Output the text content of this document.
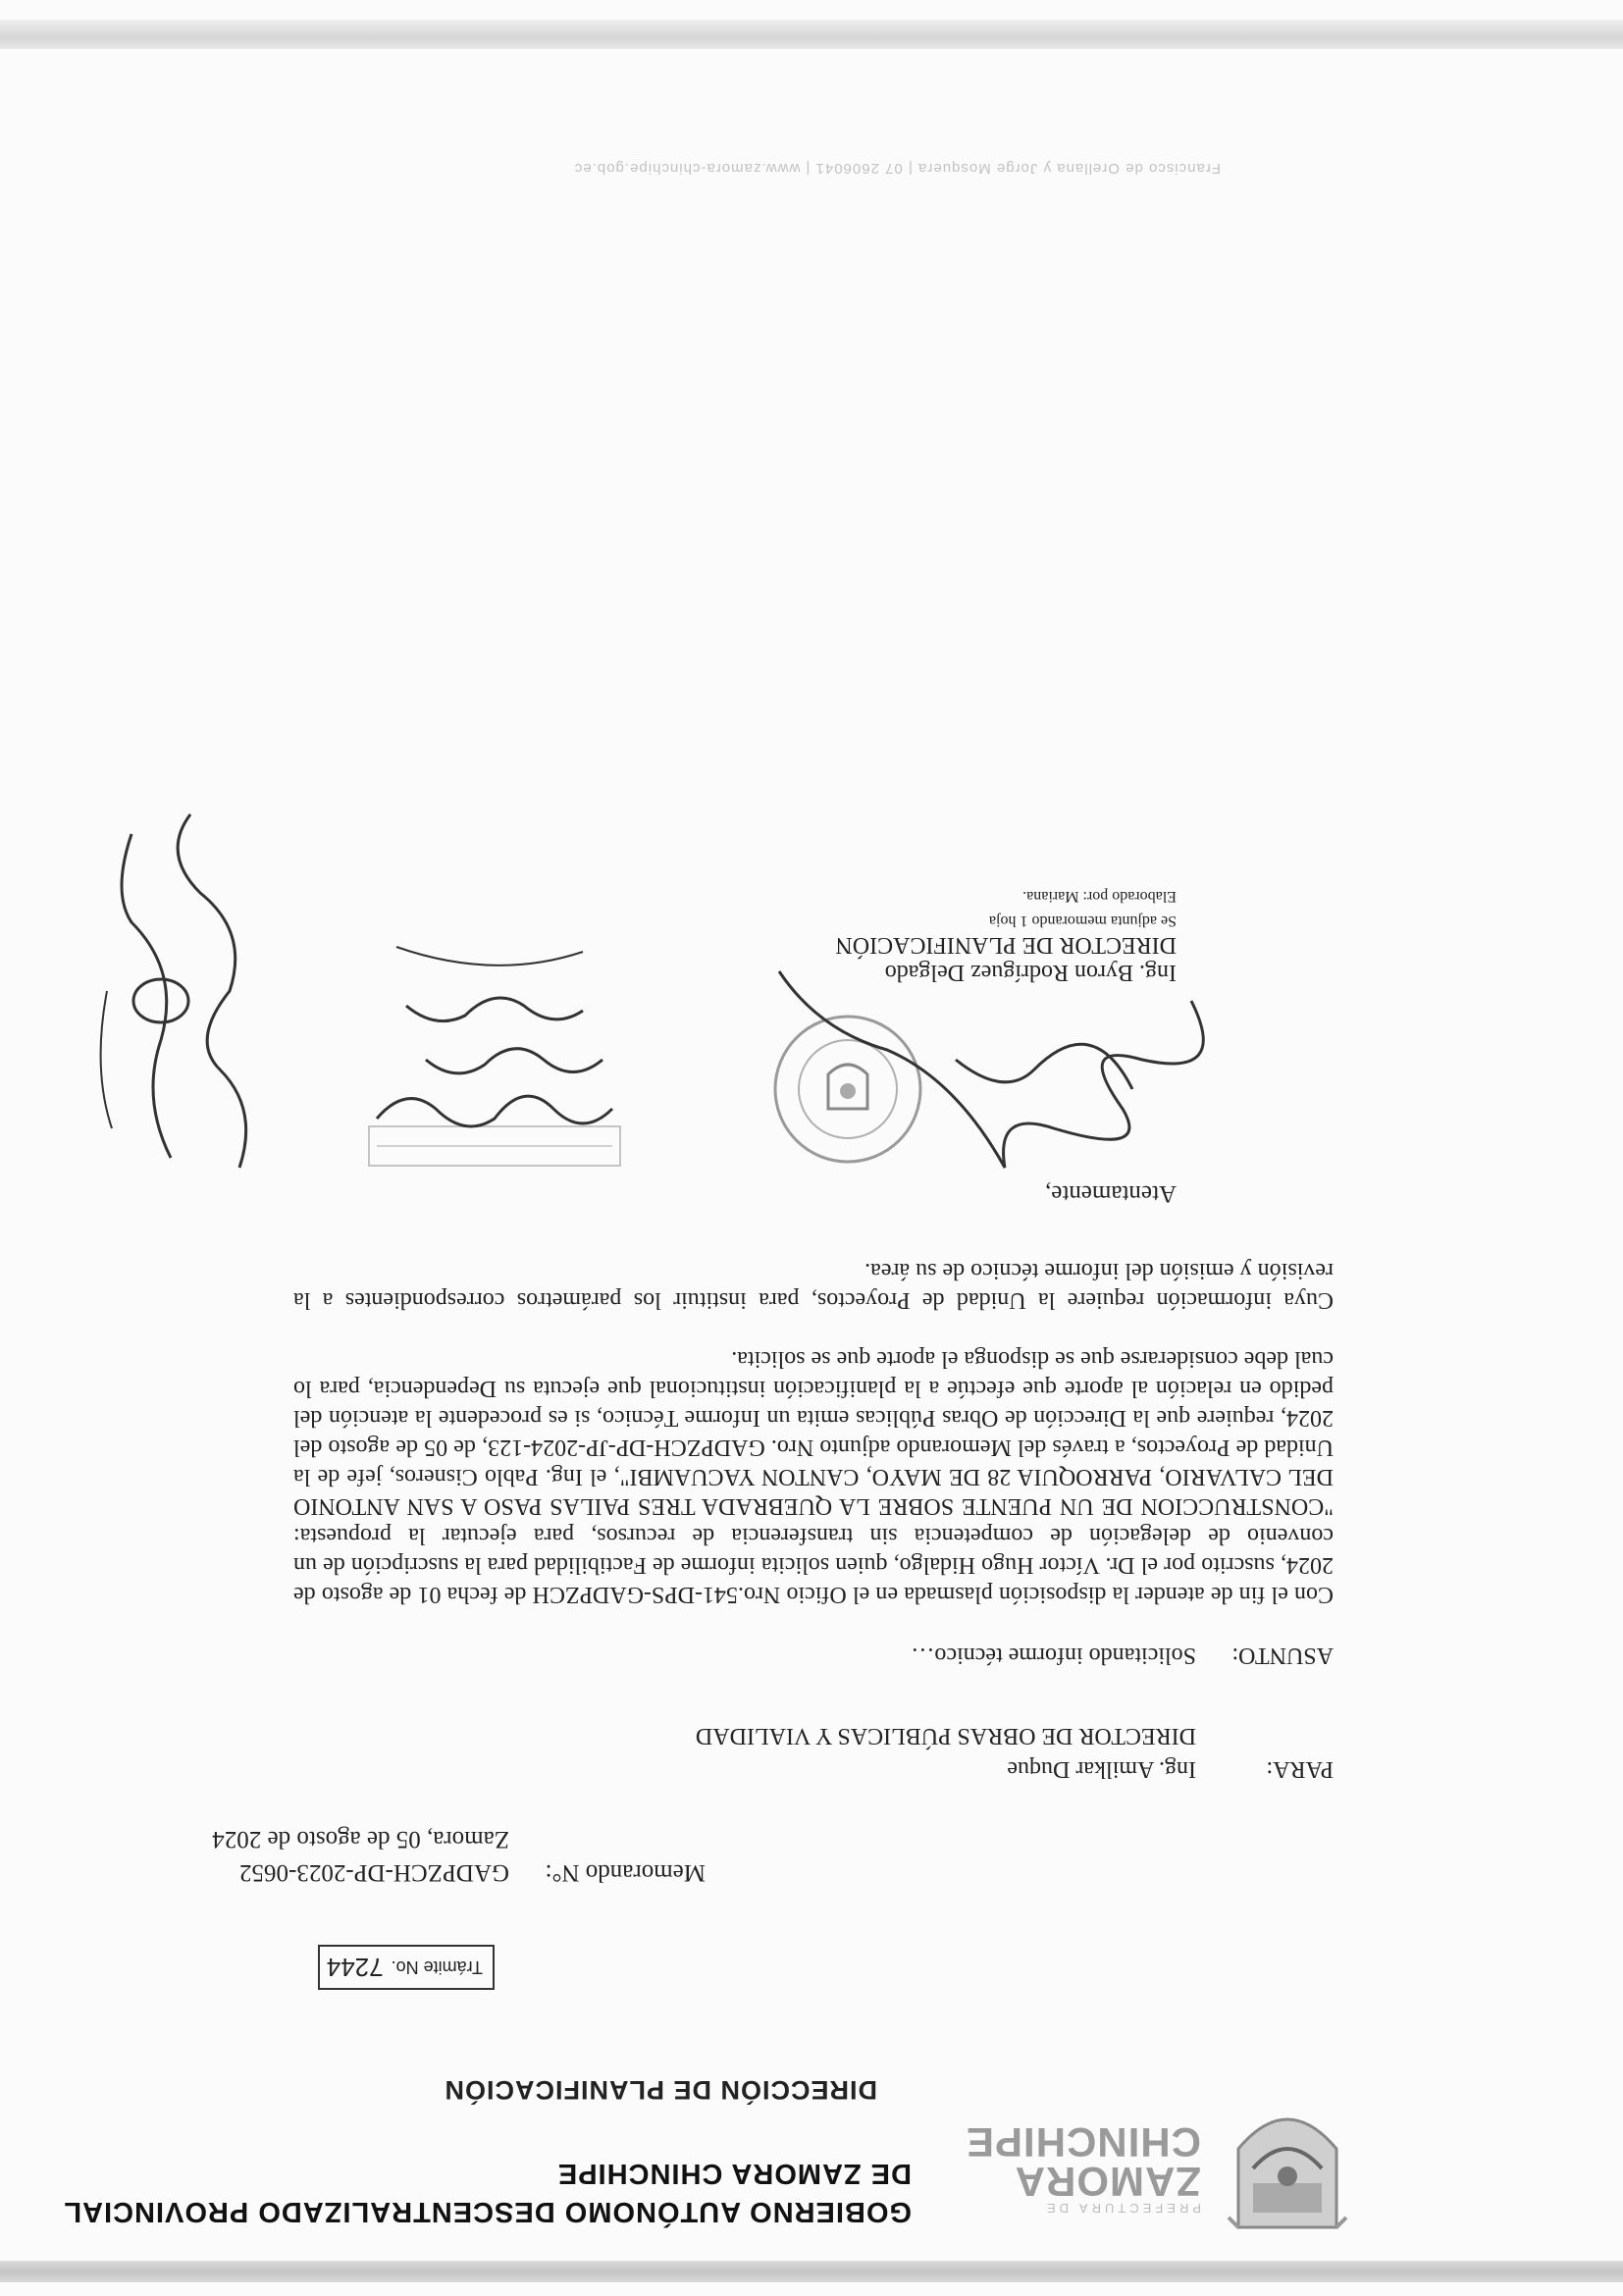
PREFECTURA DE
ZAMORA
CHINCHIPE
GOBIERNO AUTÓNOMO DESCENTRALIZADO PROVINCIAL
DE ZAMORA CHINCHIPE
DIRECCIÓN DE PLANIFICACIÓN
Trámite No.
7244
Memorando N°:GADPZCH-DP-2023-0652
Zamora, 05 de agosto de 2024
PARA:Ing. Amilkar Duque
DIRECTOR DE OBRAS PÚBLICAS Y VIALIDAD
ASUNTO:Solicitando informe técnico…
Con el fin de atender la disposición plasmada en el Oficio Nro.541-DPS-GADPZCH de fecha 01 de agosto de 2024, suscrito por el Dr. Víctor Hugo Hidalgo, quien solicita informe de Factibilidad para la suscripción de un convenio de delegación de competencia sin transferencia de recursos, para ejecutar la propuesta: "CONSTRUCCION DE UN PUENTE SOBRE LA QUEBRADA TRES PAILAS PASO A SAN ANTONIO DEL CALVARIO, PARROQUIA 28 DE MAYO, CANTON YACUAMBI", el Ing. Pablo Cisneros, jefe de la Unidad de Proyectos, a través del Memorando adjunto Nro. GADPZCH-DP-JP-2024-123, de 05 de agosto del 2024, requiere que la Dirección de Obras Públicas emita un Informe Técnico, si es procedente la atención del pedido en relación al aporte que efectúe a la planificación institucional que ejecuta su Dependencia, para lo cual debe considerarse que se disponga el aporte que se solicita.
Cuya información requiere la Unidad de Proyectos, para instituir los parámetros correspondientes a la revisión y emisión del informe técnico de su área.
Atentamente,
Ing. Byron Rodríguez Delgado
DIRECTOR DE PLANIFICACIÓN
Se adjunta memorando 1 hoja
Elaborado por: Mariana.
Francisco de Orellana y Jorge Mosquera | 07 2606041 | www.zamora-chinchipe.gob.ec
